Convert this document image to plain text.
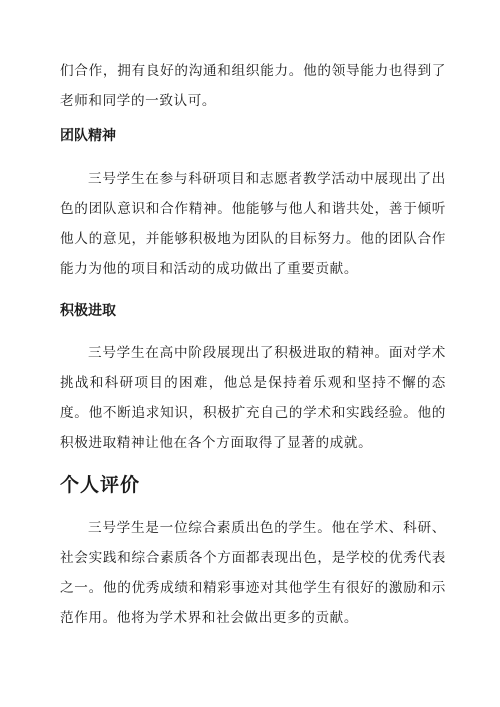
们合作，拥有良好的沟通和组织能力。他的领导能力也得到了老师和同学的一致认可。

团队精神

三号学生在参与科研项目和志愿者教学活动中展现出了出色的团队意识和合作精神。他能够与他人和谐共处，善于倾听他人的意见，并能够积极地为团队的目标努力。他的团队合作能力为他的项目和活动的成功做出了重要贡献。

积极进取

三号学生在高中阶段展现出了积极进取的精神。面对学术挑战和科研项目的困难，他总是保持着乐观和坚持不懈的态度。他不断追求知识，积极扩充自己的学术和实践经验。他的积极进取精神让他在各个方面取得了显著的成就。

个人评价

三号学生是一位综合素质出色的学生。他在学术、科研、社会实践和综合素质各个方面都表现出色，是学校的优秀代表之一。他的优秀成绩和精彩事迹对其他学生有很好的激励和示范作用。他将为学术界和社会做出更多的贡献。
